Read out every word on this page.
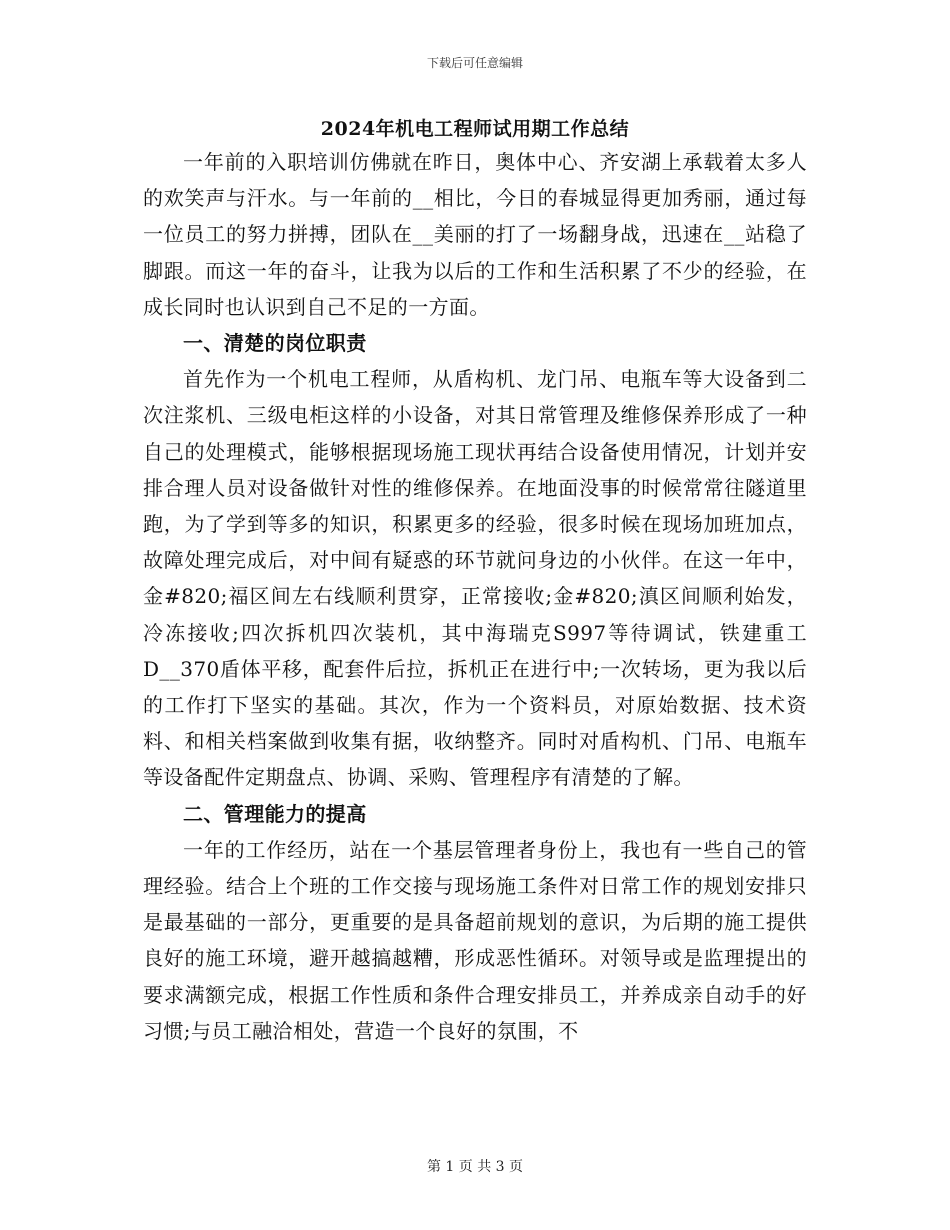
下载后可任意编辑
2024年机电工程师试用期工作总结

一年前的入职培训仿佛就在昨日，奥体中心、齐安湖上承载着太多人的欢笑声与汗水。与一年前的__相比，今日的春城显得更加秀丽，通过每一位员工的努力拼搏，团队在__美丽的打了一场翻身战，迅速在__站稳了脚跟。而这一年的奋斗，让我为以后的工作和生活积累了不少的经验，在成长同时也认识到自己不足的一方面。

一、清楚的岗位职责

首先作为一个机电工程师，从盾构机、龙门吊、电瓶车等大设备到二次注浆机、三级电柜这样的小设备，对其日常管理及维修保养形成了一种自己的处理模式，能够根据现场施工现状再结合设备使用情况，计划并安排合理人员对设备做针对性的维修保养。在地面没事的时候常常往隧道里跑，为了学到等多的知识，积累更多的经验，很多时候在现场加班加点，故障处理完成后，对中间有疑惑的环节就问身边的小伙伴。在这一年中，金#820;福区间左右线顺利贯穿，正常接收;金#820;滇区间顺利始发，冷冻接收;四次拆机四次装机，其中海瑞克S997等待调试，铁建重工D__370盾体平移，配套件后拉，拆机正在进行中;一次转场，更为我以后的工作打下坚实的基础。其次，作为一个资料员，对原始数据、技术资料、和相关档案做到收集有据，收纳整齐。同时对盾构机、门吊、电瓶车等设备配件定期盘点、协调、采购、管理程序有清楚的了解。

二、管理能力的提高

一年的工作经历，站在一个基层管理者身份上，我也有一些自己的管理经验。结合上个班的工作交接与现场施工条件对日常工作的规划安排只是最基础的一部分，更重要的是具备超前规划的意识，为后期的施工提供良好的施工环境，避开越搞越糟，形成恶性循环。对领导或是监理提出的要求满额完成，根据工作性质和条件合理安排员工，并养成亲自动手的好习惯;与员工融洽相处，营造一个良好的氛围，不

第 1 页 共 3 页
